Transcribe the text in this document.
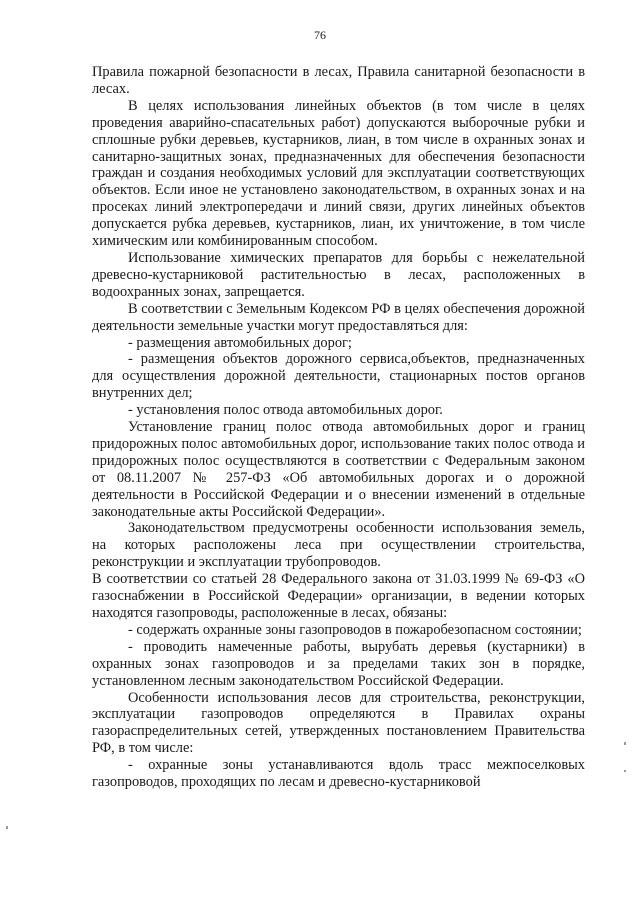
76

Правила пожарной безопасности в лесах, Правила санитарной безопасности в лесах.

В целях использования линейных объектов (в том числе в целях проведения аварийно-спасательных работ) допускаются выборочные рубки и сплошные рубки деревьев, кустарников, лиан, в том числе в охранных зонах и санитарно-защитных зонах, предназначенных для обеспечения безопасности граждан и создания необходимых условий для эксплуатации соответствующих объектов. Если иное не установлено законодательством, в охранных зонах и на просеках линий электропередачи и линий связи, других линейных объектов допускается рубка деревьев, кустарников, лиан, их уничтожение, в том числе химическим или комбинированным способом.

Использование химических препаратов для борьбы с нежелательной древесно-кустарниковой растительностью в лесах, расположенных в водоохранных зонах, запрещается.

В соответствии с Земельным Кодексом РФ в целях обеспечения дорожной деятельности земельные участки могут предоставляться для:

- размещения автомобильных дорог;

- размещения объектов дорожного сервиса,объектов, предназначенных для осуществления дорожной деятельности, стационарных постов органов внутренних дел;

- установления полос отвода автомобильных дорог.

Установление границ полос отвода автомобильных дорог и границ придорожных полос автомобильных дорог, использование таких полос отвода и придорожных полос осуществляются в соответствии с Федеральным законом от 08.11.2007 № 257-ФЗ «Об автомобильных дорогах и о дорожной деятельности в Российской Федерации и о внесении изменений в отдельные законодательные акты Российской Федерации».

Законодательством предусмотрены особенности использования земель, на которых расположены леса при осуществлении строительства, реконструкции и эксплуатации трубопроводов.

В соответствии со статьей 28 Федерального закона от 31.03.1999 № 69-ФЗ «О газоснабжении в Российской Федерации» организации, в ведении которых находятся газопроводы, расположенные в лесах, обязаны:

- содержать охранные зоны газопроводов в пожаробезопасном состоянии;

- проводить намеченные работы, вырубать деревья (кустарники) в охранных зонах газопроводов и за пределами таких зон в порядке, установленном лесным законодательством Российской Федерации.

Особенности использования лесов для строительства, реконструкции, эксплуатации газопроводов определяются в Правилах охраны газораспределительных сетей, утвержденных постановлением Правительства РФ, в том числе:

- охранные зоны устанавливаются вдоль трасс межпоселковых газопроводов, проходящих по лесам и древесно-кустарниковой
